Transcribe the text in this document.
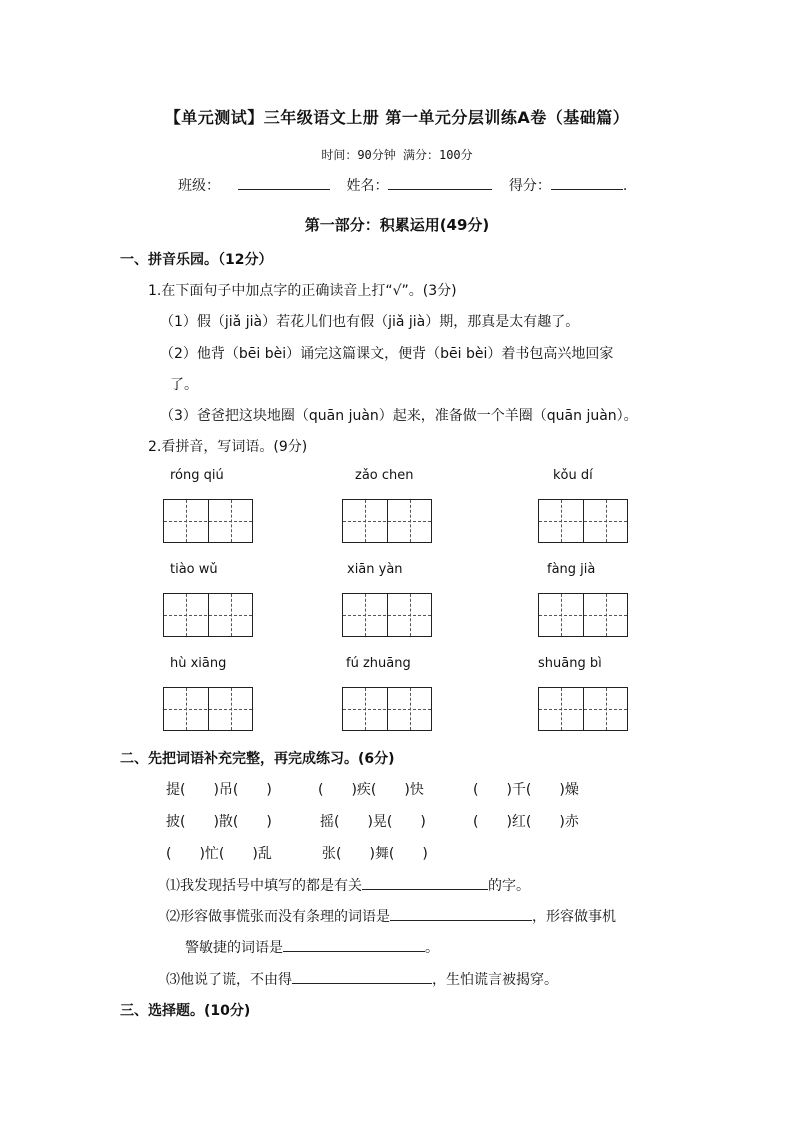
【单元测试】三年级语文上册 第一单元分层训练A卷（基础篇）
时间：90分钟 满分：100分
班级：	姓名：	得分：	.
第一部分：积累运用(49分)
一、拼音乐园。（12分）
1.在下面句子中加点字的正确读音上打“√”。(3分)
（1）假（jiǎ jià）若花儿们也有假（jiǎ jià）期，那真是太有趣了。
（2）他背（bēi bèi）诵完这篇课文，便背（bēi bèi）着书包高兴地回家
了。
（3）爸爸把这块地圈（quān juàn）起来，准备做一个羊圈（quān juàn）。
2.看拼音，写词语。(9分)
róng qiú	zǎo chen	kǒu dí
tiào wǔ	xiān yàn	fàng jià
hù xiāng	fú zhuāng	shuāng bì
二、先把词语补充完整，再完成练习。(6分)
提(　　)吊(　　)	(　　)疾(　　)快	(　　)千(　　)燥
披(　　)散(　　)	摇(　　)晃(　　)	(　　)红(　　)赤
(　　)忙(　　)乱	张(　　)舞(　　)
⑴我发现括号中填写的都是有关	的字。
⑵形容做事慌张而没有条理的词语是	，形容做事机
警敏捷的词语是	。
⑶他说了谎，不由得	，生怕谎言被揭穿。
三、选择题。(10分)
